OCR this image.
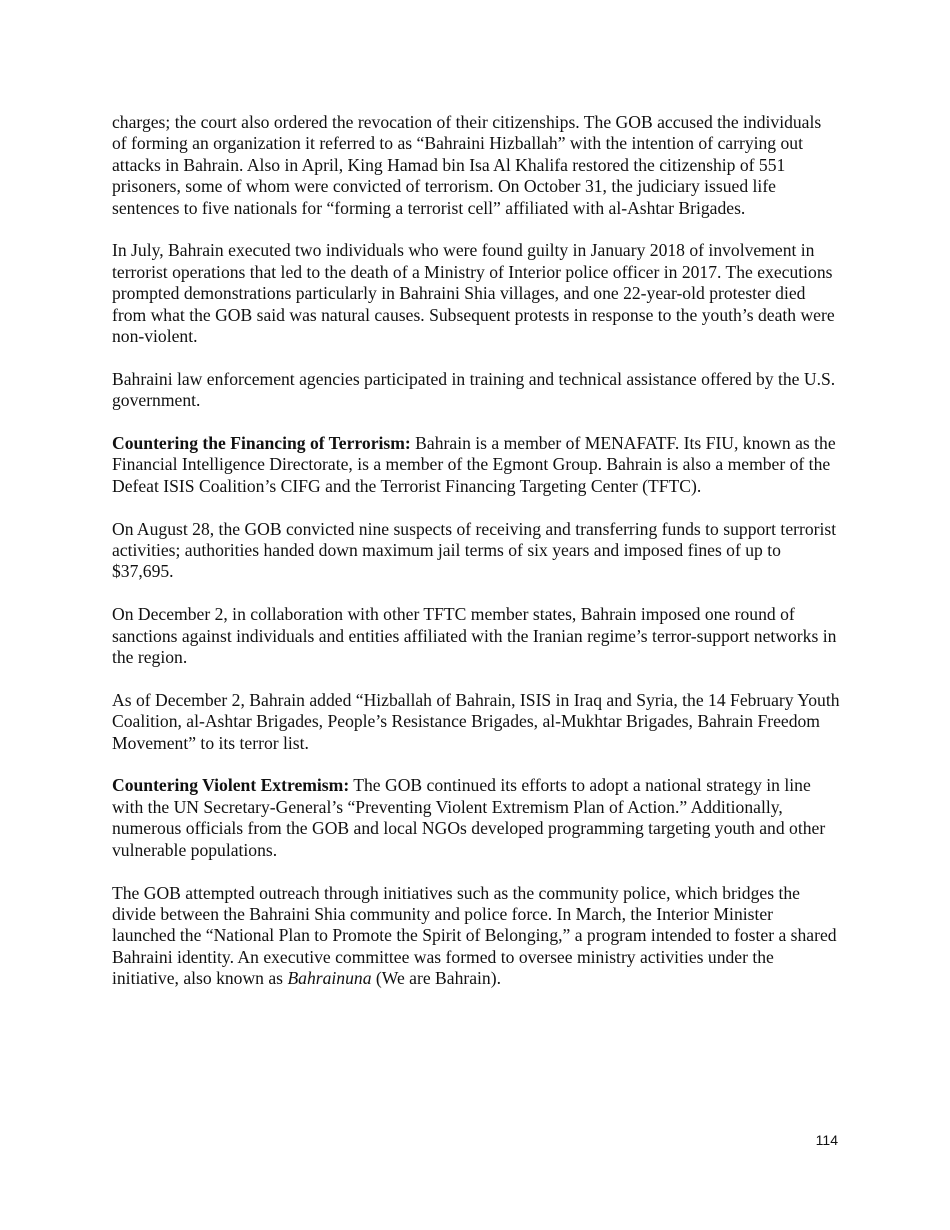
charges; the court also ordered the revocation of their citizenships. The GOB accused the individuals of forming an organization it referred to as “Bahraini Hizballah” with the intention of carrying out attacks in Bahrain. Also in April, King Hamad bin Isa Al Khalifa restored the citizenship of 551 prisoners, some of whom were convicted of terrorism. On October 31, the judiciary issued life sentences to five nationals for “forming a terrorist cell” affiliated with al-Ashtar Brigades.

In July, Bahrain executed two individuals who were found guilty in January 2018 of involvement in terrorist operations that led to the death of a Ministry of Interior police officer in 2017. The executions prompted demonstrations particularly in Bahraini Shia villages, and one 22-year-old protester died from what the GOB said was natural causes. Subsequent protests in response to the youth’s death were non-violent.

Bahraini law enforcement agencies participated in training and technical assistance offered by the U.S. government.

Countering the Financing of Terrorism: Bahrain is a member of MENAFATF. Its FIU, known as the Financial Intelligence Directorate, is a member of the Egmont Group. Bahrain is also a member of the Defeat ISIS Coalition’s CIFG and the Terrorist Financing Targeting Center (TFTC).

On August 28, the GOB convicted nine suspects of receiving and transferring funds to support terrorist activities; authorities handed down maximum jail terms of six years and imposed fines of up to $37,695.

On December 2, in collaboration with other TFTC member states, Bahrain imposed one round of sanctions against individuals and entities affiliated with the Iranian regime’s terror-support networks in the region.

As of December 2, Bahrain added “Hizballah of Bahrain, ISIS in Iraq and Syria, the 14 February Youth Coalition, al-Ashtar Brigades, People’s Resistance Brigades, al-Mukhtar Brigades, Bahrain Freedom Movement” to its terror list.

Countering Violent Extremism: The GOB continued its efforts to adopt a national strategy in line with the UN Secretary-General’s “Preventing Violent Extremism Plan of Action.” Additionally, numerous officials from the GOB and local NGOs developed programming targeting youth and other vulnerable populations.

The GOB attempted outreach through initiatives such as the community police, which bridges the divide between the Bahraini Shia community and police force. In March, the Interior Minister launched the “National Plan to Promote the Spirit of Belonging,” a program intended to foster a shared Bahraini identity. An executive committee was formed to oversee ministry activities under the initiative, also known as Bahrainuna (We are Bahrain).

114
